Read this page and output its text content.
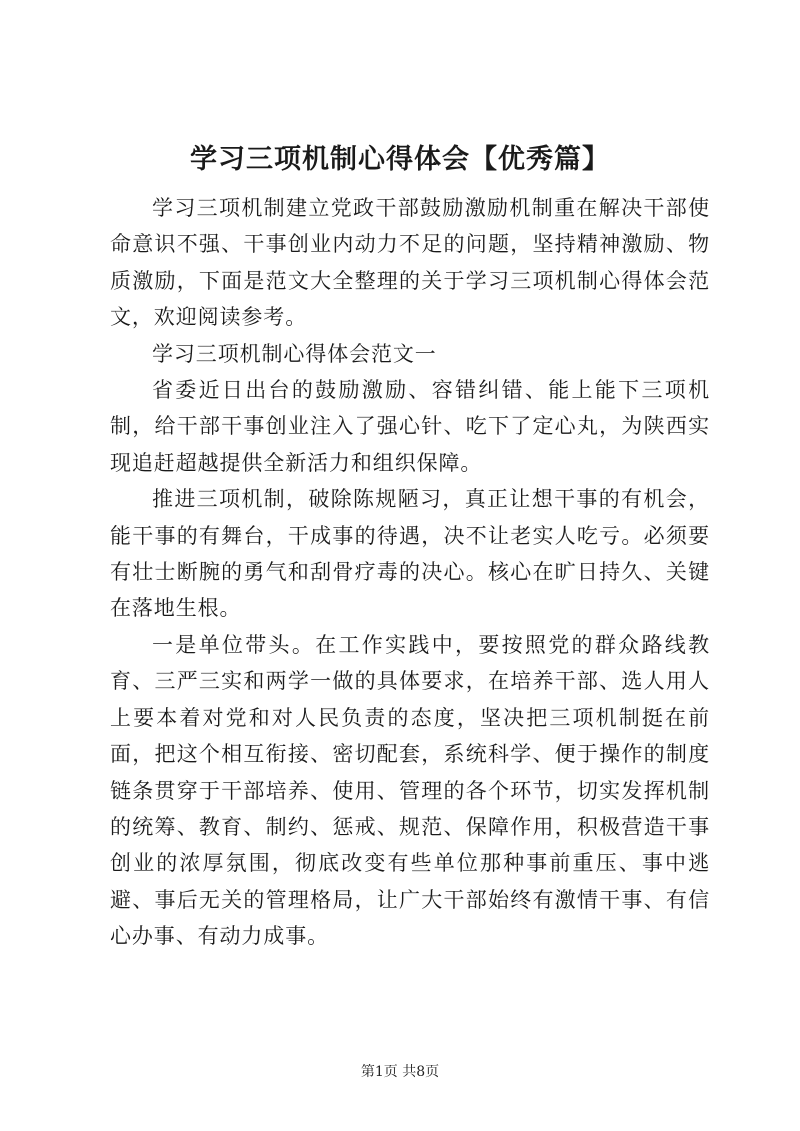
学习三项机制心得体会【优秀篇】

学习三项机制建立党政干部鼓励激励机制重在解决干部使命意识不强、干事创业内动力不足的问题，坚持精神激励、物质激励，下面是范文大全整理的关于学习三项机制心得体会范文，欢迎阅读参考。

学习三项机制心得体会范文一

省委近日出台的鼓励激励、容错纠错、能上能下三项机制，给干部干事创业注入了强心针、吃下了定心丸，为陕西实现追赶超越提供全新活力和组织保障。

推进三项机制，破除陈规陋习，真正让想干事的有机会，能干事的有舞台，干成事的待遇，决不让老实人吃亏。必须要有壮士断腕的勇气和刮骨疗毒的决心。核心在旷日持久、关键在落地生根。

一是单位带头。在工作实践中，要按照党的群众路线教育、三严三实和两学一做的具体要求，在培养干部、选人用人上要本着对党和对人民负责的态度，坚决把三项机制挺在前面，把这个相互衔接、密切配套，系统科学、便于操作的制度链条贯穿于干部培养、使用、管理的各个环节，切实发挥机制的统筹、教育、制约、惩戒、规范、保障作用，积极营造干事创业的浓厚氛围，彻底改变有些单位那种事前重压、事中逃避、事后无关的管理格局，让广大干部始终有激情干事、有信心办事、有动力成事。

第1页 共8页
